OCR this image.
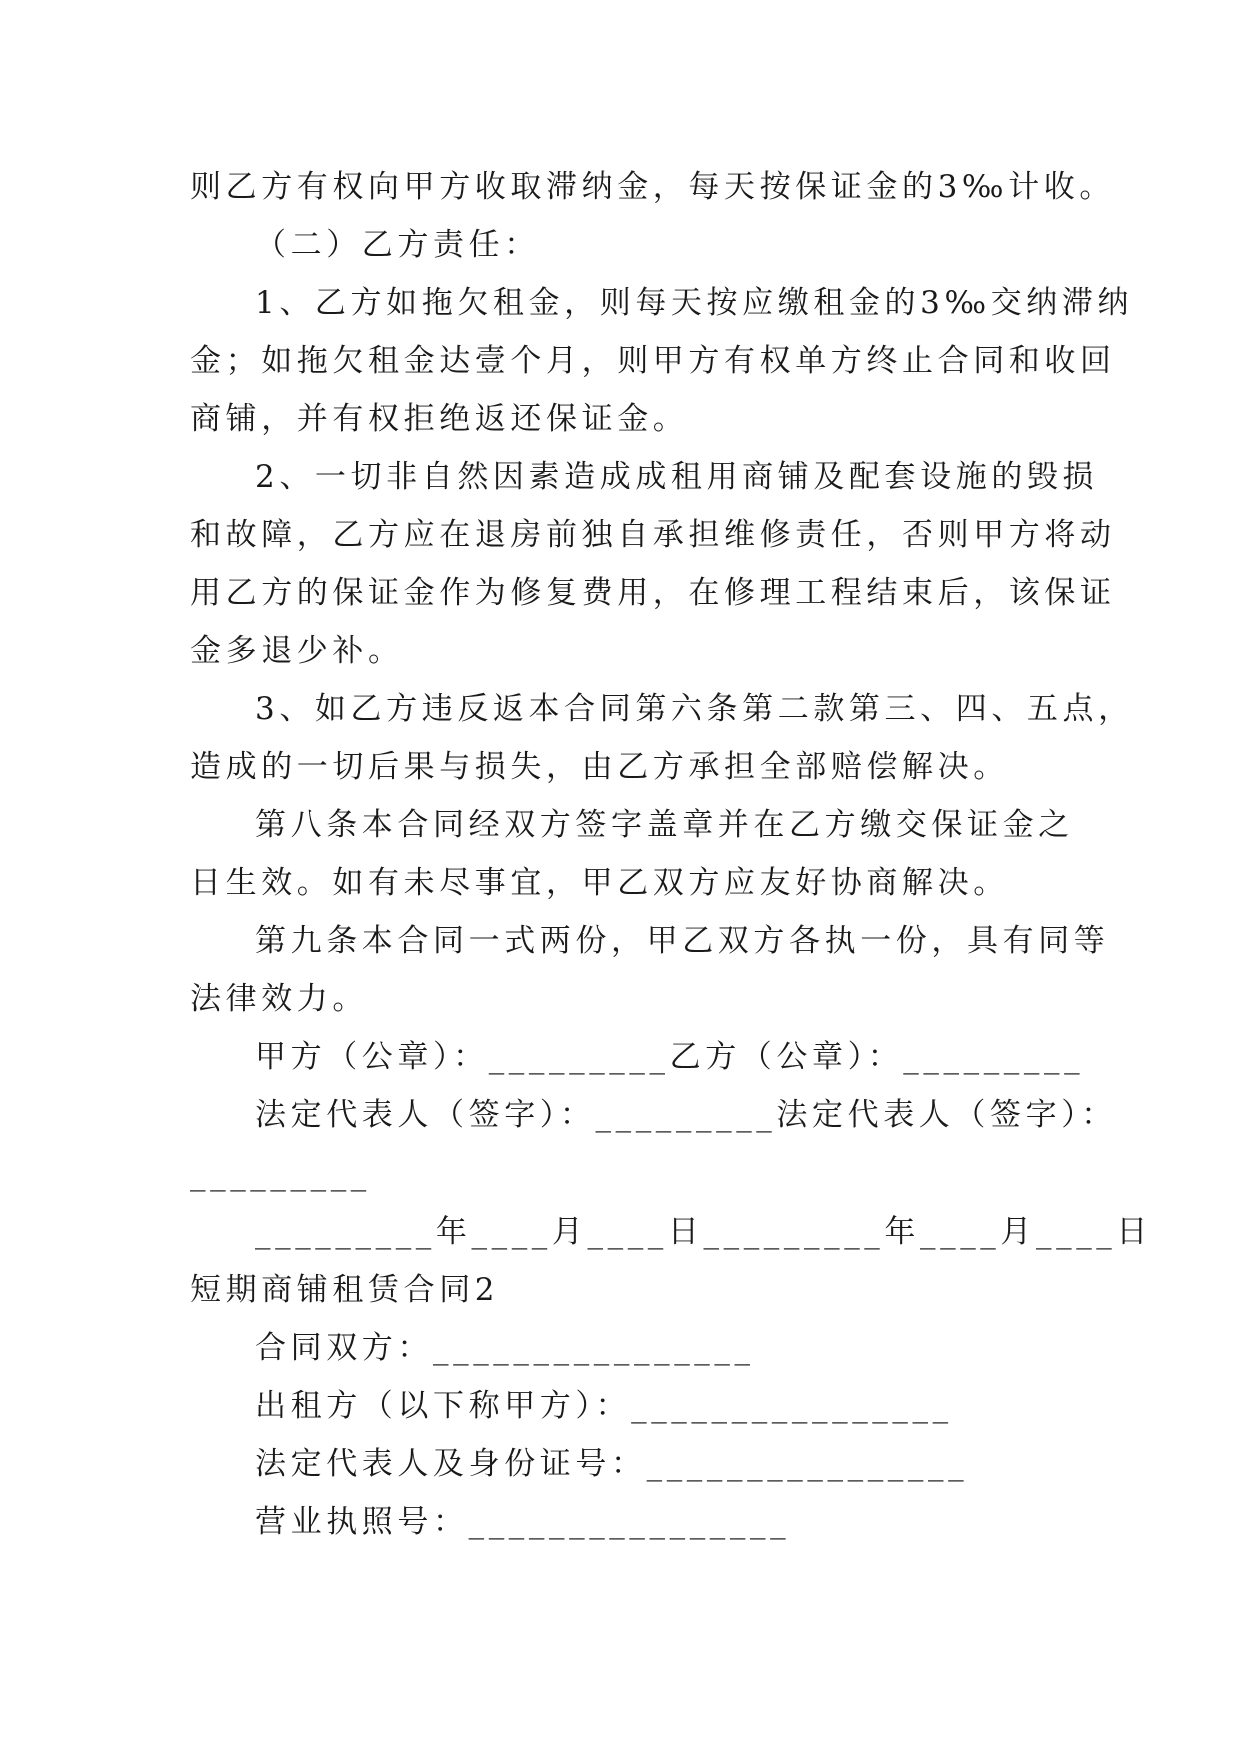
则乙方有权向甲方收取滞纳金，每天按保证金的3‰计收。
（二）乙方责任：
1、乙方如拖欠租金，则每天按应缴租金的3‰交纳滞纳
金；如拖欠租金达壹个月，则甲方有权单方终止合同和收回
商铺，并有权拒绝返还保证金。
2、一切非自然因素造成成租用商铺及配套设施的毁损
和故障，乙方应在退房前独自承担维修责任，否则甲方将动
用乙方的保证金作为修复费用，在修理工程结束后，该保证
金多退少补。
3、如乙方违反返本合同第六条第二款第三、四、五点，
造成的一切后果与损失，由乙方承担全部赔偿解决。
第八条本合同经双方签字盖章并在乙方缴交保证金之
日生效。如有未尽事宜，甲乙双方应友好协商解决。
第九条本合同一式两份，甲乙双方各执一份，具有同等
法律效力。
甲方（公章）：_________乙方（公章）：_________
法定代表人（签字）：_________法定代表人（签字）：
_________
_________年____月____日_________年____月____日
短期商铺租赁合同2
合同双方：________________
出租方（以下称甲方）：________________
法定代表人及身份证号：________________
营业执照号：________________
